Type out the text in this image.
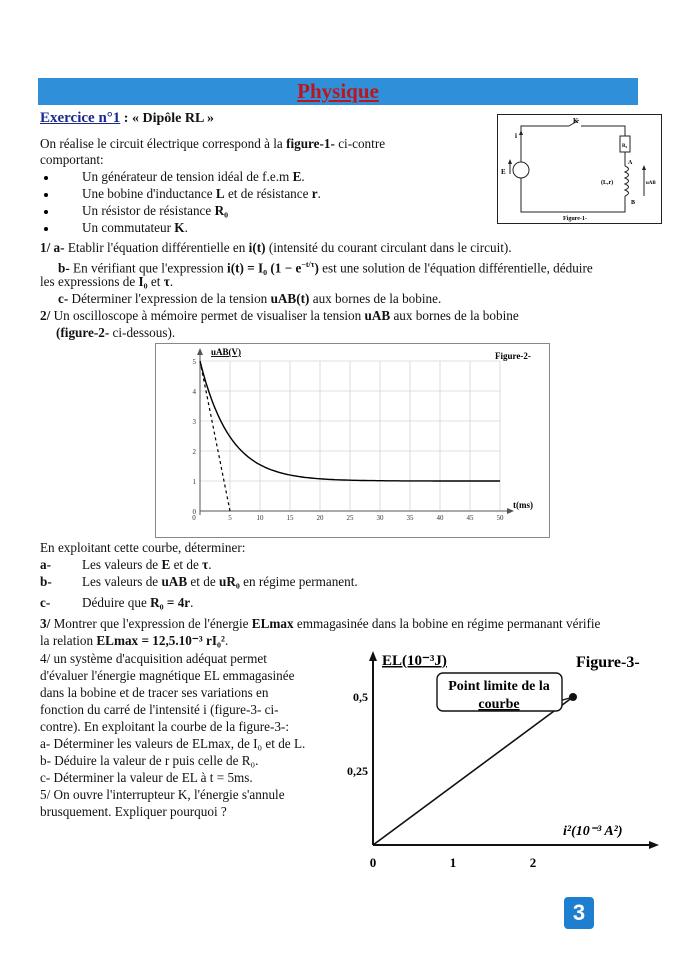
Physique
Exercice n°1 : « Dipôle RL »
On réalise le circuit électrique correspond à la figure-1- ci-contre
comportant:
Un générateur de tension idéal de f.e.m E.
Une bobine d'inductance L et de résistance r.
Un résistor de résistance R₀
Un commutateur K.
K
i
E
R₀
A
(L,r)	uAB
B
Figure-1-
1/ a- Etablir l'équation différentielle en i(t) (intensité du courant circulant dans le circuit).
b- En vérifiant que l'expression i(t) = I₀ $(1 - e^{-t/\tau})$ est une solution de l'équation différentielle, déduire
les expressions de I₀ et τ.
c- Déterminer l'expression de la tension uAB(t) aux bornes de la bobine.
2/ Un oscilloscope à mémoire permet de visualiser la tension uAB aux bornes de la bobine
(figure-2- ci-dessous).
0	5	10	15	20	25	30	35	40	45	50
0
1
2
3
4
5
uAB(V)	Figure-2-
t(ms)
En exploitant cette courbe, déterminer:
a- Les valeurs de E et de τ.
b- Les valeurs de uAB et de uR₀ en régime permanent.
c- Déduire que R₀ = 4r.
3/ Montrer que l'expression de l'énergie ELmax emmagasinée dans la bobine en régime permanant vérifie
la relation ELmax = 12,5.10⁻³ rI₀².
4/ un système d'acquisition adéquat permet
d'évaluer l'énergie magnétique EL emmagasinée
dans la bobine et de tracer ses variations en
fonction du carré de l'intensité i (figure-3- ci-
contre). En exploitant la courbe de la figure-3-:
a- Déterminer les valeurs de ELmax, de I₀ et de L.
b- Déduire la valeur de r puis celle de R₀.
c- Déterminer la valeur de EL à t = 5ms.
5/ On ouvre l'interrupteur K, l'énergie s'annule
brusquement. Expliquer pourquoi ?
Point limite de la
courbe
EL(10⁻³J)	Figure-3-
i²(10⁻³ A²)
0,25
0,5
0	1	2
3
